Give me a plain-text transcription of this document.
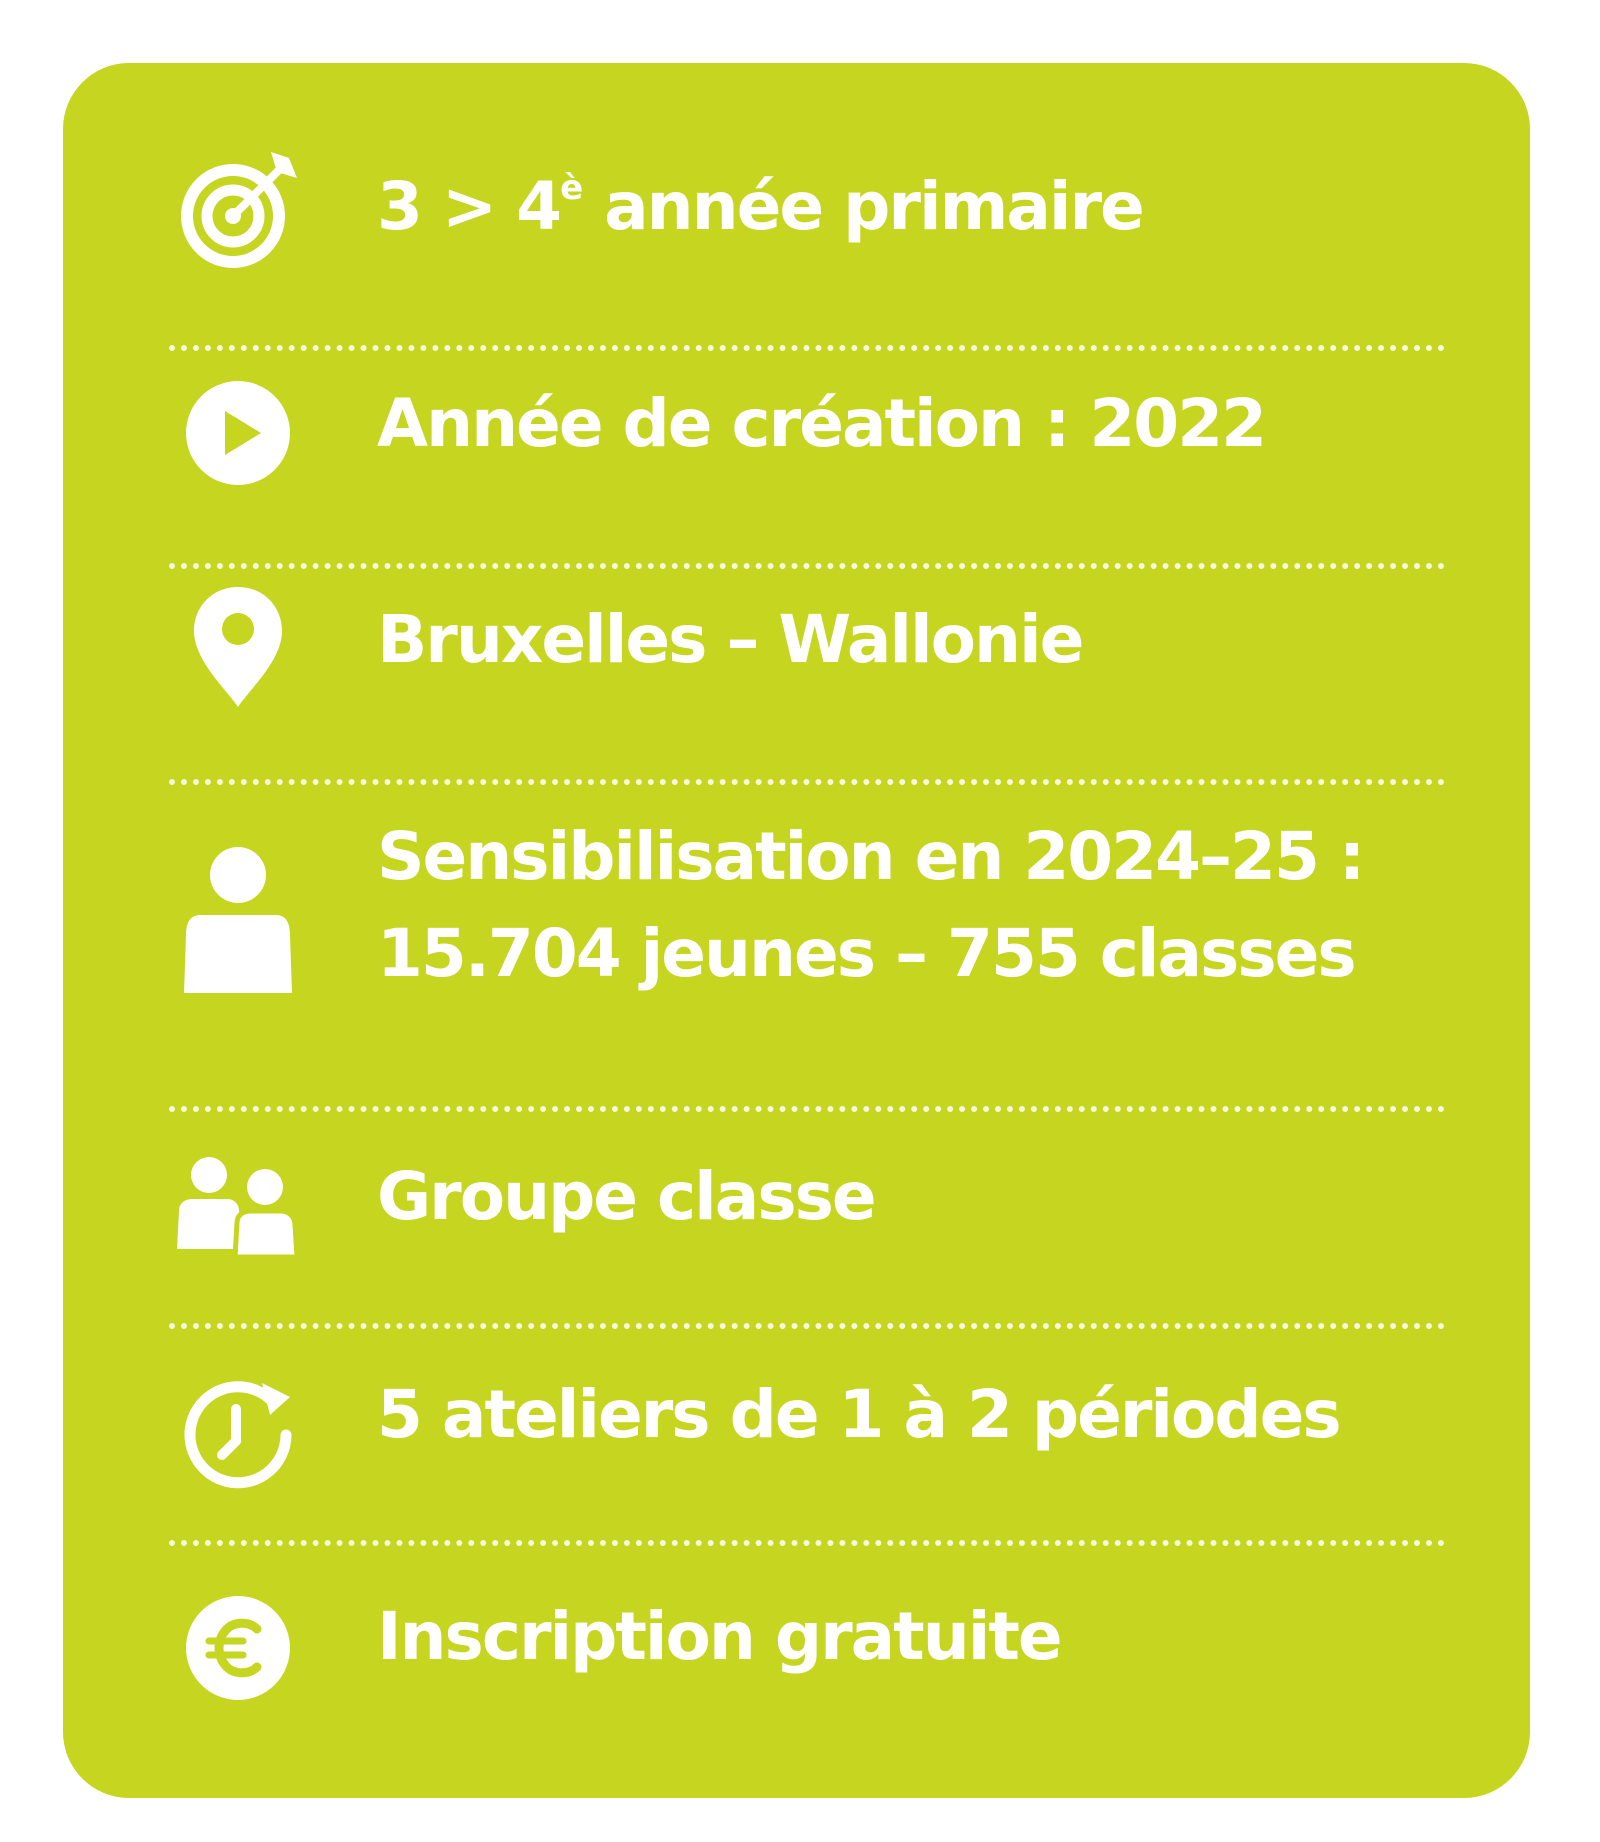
$3 > 4^è$ année primaire
Année de création : 2022
Bruxelles – Wallonie
Sensibilisation en 2024–25 :
15.704 jeunes – 755 classes
Groupe classe
5 ateliers de 1 à 2 périodes
Inscription gratuite
